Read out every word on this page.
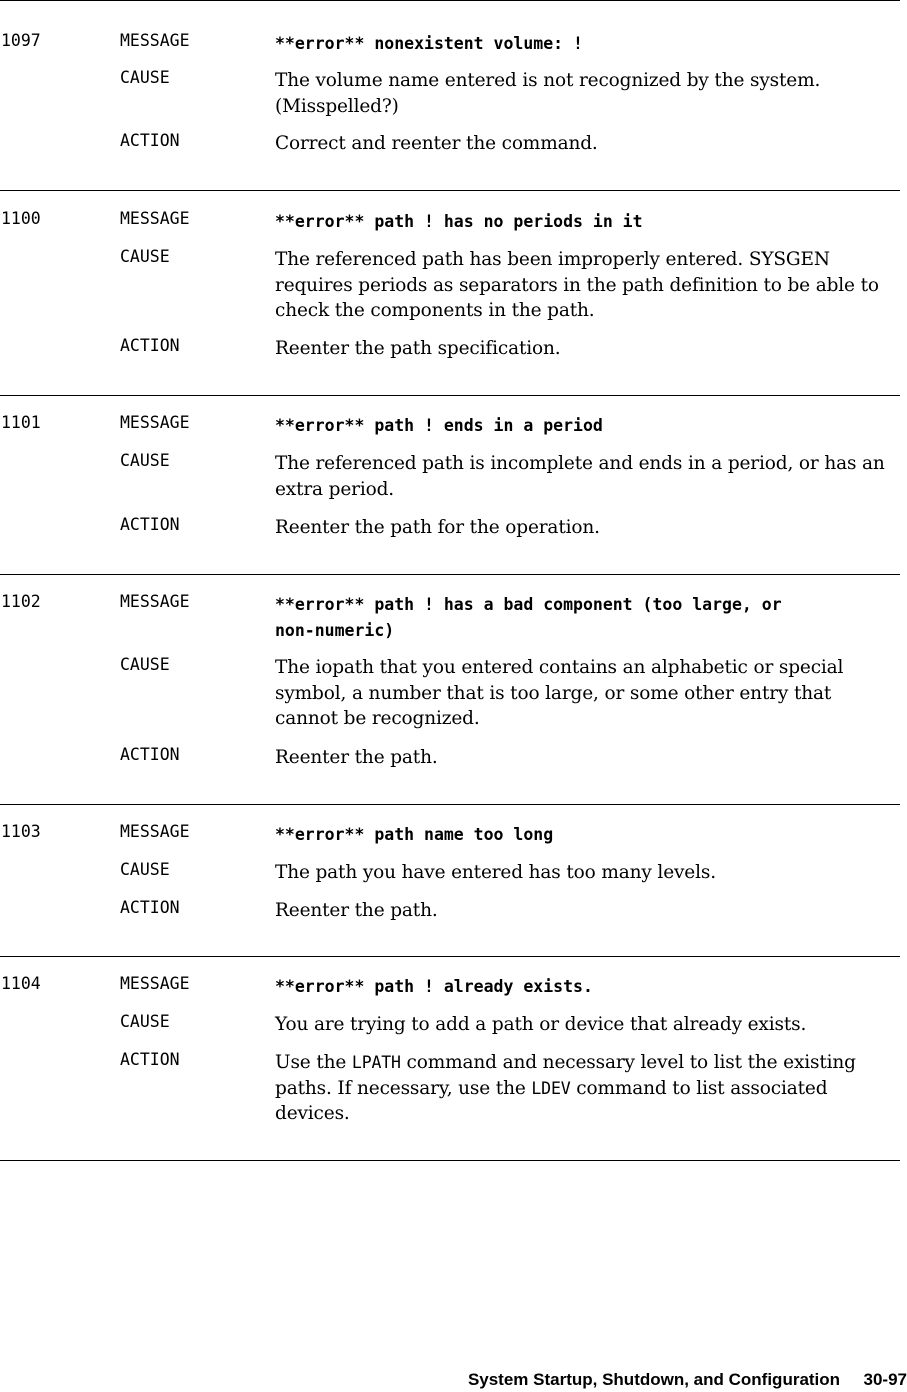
1097	MESSAGE	**error** nonexistent volume: !
CAUSE	The volume name entered is not recognized by the system.
(Misspelled?)
ACTION	Correct and reenter the command.
1100	MESSAGE	**error** path ! has no periods in it
CAUSE	The referenced path has been improperly entered. SYSGEN
requires periods as separators in the path definition to be able to
check the components in the path.
ACTION	Reenter the path specification.
1101	MESSAGE	**error** path ! ends in a period
CAUSE	The referenced path is incomplete and ends in a period, or has an
extra period.
ACTION	Reenter the path for the operation.
1102	MESSAGE	**error** path ! has a bad component (too large, or
non-numeric)
CAUSE	The iopath that you entered contains an alphabetic or special
symbol, a number that is too large, or some other entry that
cannot be recognized.
ACTION	Reenter the path.
1103	MESSAGE	**error** path name too long
CAUSE	The path you have entered has too many levels.
ACTION	Reenter the path.
1104	MESSAGE	**error** path ! already exists.
CAUSE	You are trying to add a path or device that already exists.
ACTION	Use the LPATH command and necessary level to list the existing
paths. If necessary, use the LDEV command to list associated
devices.
System Startup, Shutdown, and Configuration 30-97
